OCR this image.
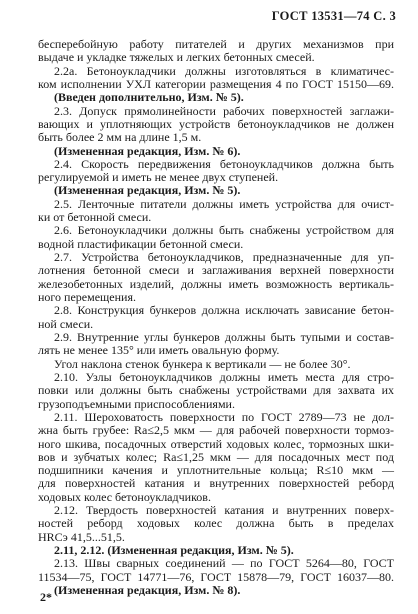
ГОСТ 13531—74 С. 3
бесперебойную работу питателей и других механизмов при
выдаче и укладке тяжелых и легких бетонных смесей.
2.2а. Бетоноукладчики должны изготовляться в климатичес-
ком исполнении УХЛ категории размещения 4 по ГОСТ 15150—69.
(Введен дополнительно, Изм. № 5).
2.3. Допуск прямолинейности рабочих поверхностей заглажи-
вающих и уплотняющих устройств бетоноукладчиков не должен
быть более 2 мм на длине 1,5 м.
(Измененная редакция, Изм. № 6).
2.4. Скорость передвижения бетоноукладчиков должна быть
регулируемой и иметь не менее двух ступеней.
(Измененная редакция, Изм. № 5).
2.5. Ленточные питатели должны иметь устройства для очист-
ки от бетонной смеси.
2.6. Бетоноукладчики должны быть снабжены устройством для
водной пластификации бетонной смеси.
2.7. Устройства бетоноукладчиков, предназначенные для уп-
лотнения бетонной смеси и заглаживания верхней поверхности
железобетонных изделий, должны иметь возможность вертикаль-
ного перемещения.
2.8. Конструкция бункеров должна исключать зависание бетон-
ной смеси.
2.9. Внутренние углы бункеров должны быть тупыми и состав-
лять не менее 135° или иметь овальную форму.
Угол наклона стенок бункера к вертикали — не более 30°.
2.10. Узлы бетоноукладчиков должны иметь места для стро-
повки или должны быть снабжены устройствами для захвата их
грузоподъемными приспособлениями.
2.11. Шероховатость поверхности по ГОСТ 2789—73 не дол-
жна быть грубее: Ra≤2,5 мкм — для рабочей поверхности тормоз-
ного шкива, посадочных отверстий ходовых колес, тормозных шки-
вов и зубчатых колес; Ra≤1,25 мкм — для посадочных мест под
подшипники качения и уплотнительные кольца; R≤10 мкм —
для поверхностей катания и внутренних поверхностей реборд
ходовых колес бетоноукладчиков.
2*
2.12. Твердость поверхностей катания и внутренних поверх-
ностей реборд ходовых колес должна быть в пределах
HRCэ 41,5...51,5.
2.11, 2.12. (Измененная редакция, Изм. № 5).
2.13. Швы сварных соединений — по ГОСТ 5264—80, ГОСТ
11534—75, ГОСТ 14771—76, ГОСТ 15878—79, ГОСТ 16037—80.
(Измененная редакция, Изм. № 8).
